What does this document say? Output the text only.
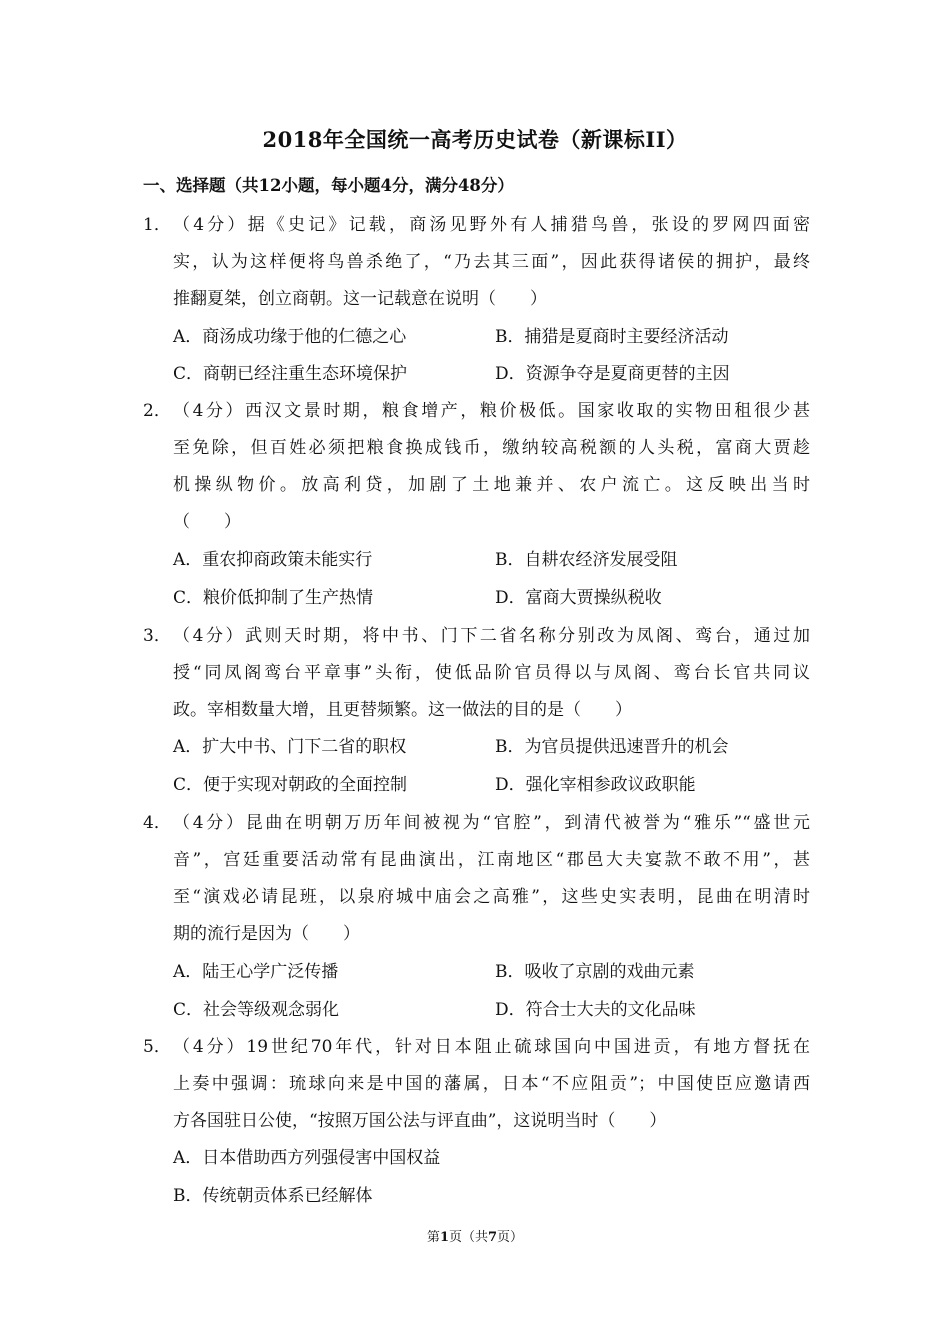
2018年全国统一高考历史试卷（新课标II）
一、选择题（共12小题，每小题4分，满分48分）
1． （4分）据《史记》记载，商汤见野外有人捕猎鸟兽，张设的罗网四面密
实，认为这样便将鸟兽杀绝了，“乃去其三面”，因此获得诸侯的拥护，最终
推翻夏桀，创立商朝。这一记载意在说明（　　）
A．商汤成功缘于他的仁德之心	B．捕猎是夏商时主要经济活动
C．商朝已经注重生态环境保护	D．资源争夺是夏商更替的主因
2． （4分）西汉文景时期，粮食增产，粮价极低。国家收取的实物田租很少甚
至免除，但百姓必须把粮食换成钱币，缴纳较高税额的人头税，富商大贾趁
机操纵物价。放高利贷，加剧了土地兼并、农户流亡。这反映出当时
（　　）
A．重农抑商政策未能实行	B．自耕农经济发展受阻
C．粮价低抑制了生产热情	D．富商大贾操纵税收
3． （4分）武则天时期，将中书、门下二省名称分别改为凤阁、鸾台，通过加
授“同凤阁鸾台平章事”头衔，使低品阶官员得以与凤阁、鸾台长官共同议
政。宰相数量大增，且更替频繁。这一做法的目的是（　　）
A．扩大中书、门下二省的职权	B．为官员提供迅速晋升的机会
C．便于实现对朝政的全面控制	D．强化宰相参政议政职能
4． （4分）昆曲在明朝万历年间被视为“官腔”，到清代被誉为“雅乐”“盛世元
音”，宫廷重要活动常有昆曲演出，江南地区“郡邑大夫宴款不敢不用”，甚
至“演戏必请昆班，以泉府城中庙会之高雅”，这些史实表明，昆曲在明清时
期的流行是因为（　　）
A．陆王心学广泛传播	B．吸收了京剧的戏曲元素
C．社会等级观念弱化	D．符合士大夫的文化品味
5． （4分）19世纪70年代，针对日本阻止硫球国向中国进贡，有地方督抚在
上奏中强调：琉球向来是中国的藩属，日本“不应阻贡”；中国使臣应邀请西
方各国驻日公使，“按照万国公法与评直曲”，这说明当时（　　）
A．日本借助西方列强侵害中国权益
B．传统朝贡体系已经解体
第1页（共7页）
